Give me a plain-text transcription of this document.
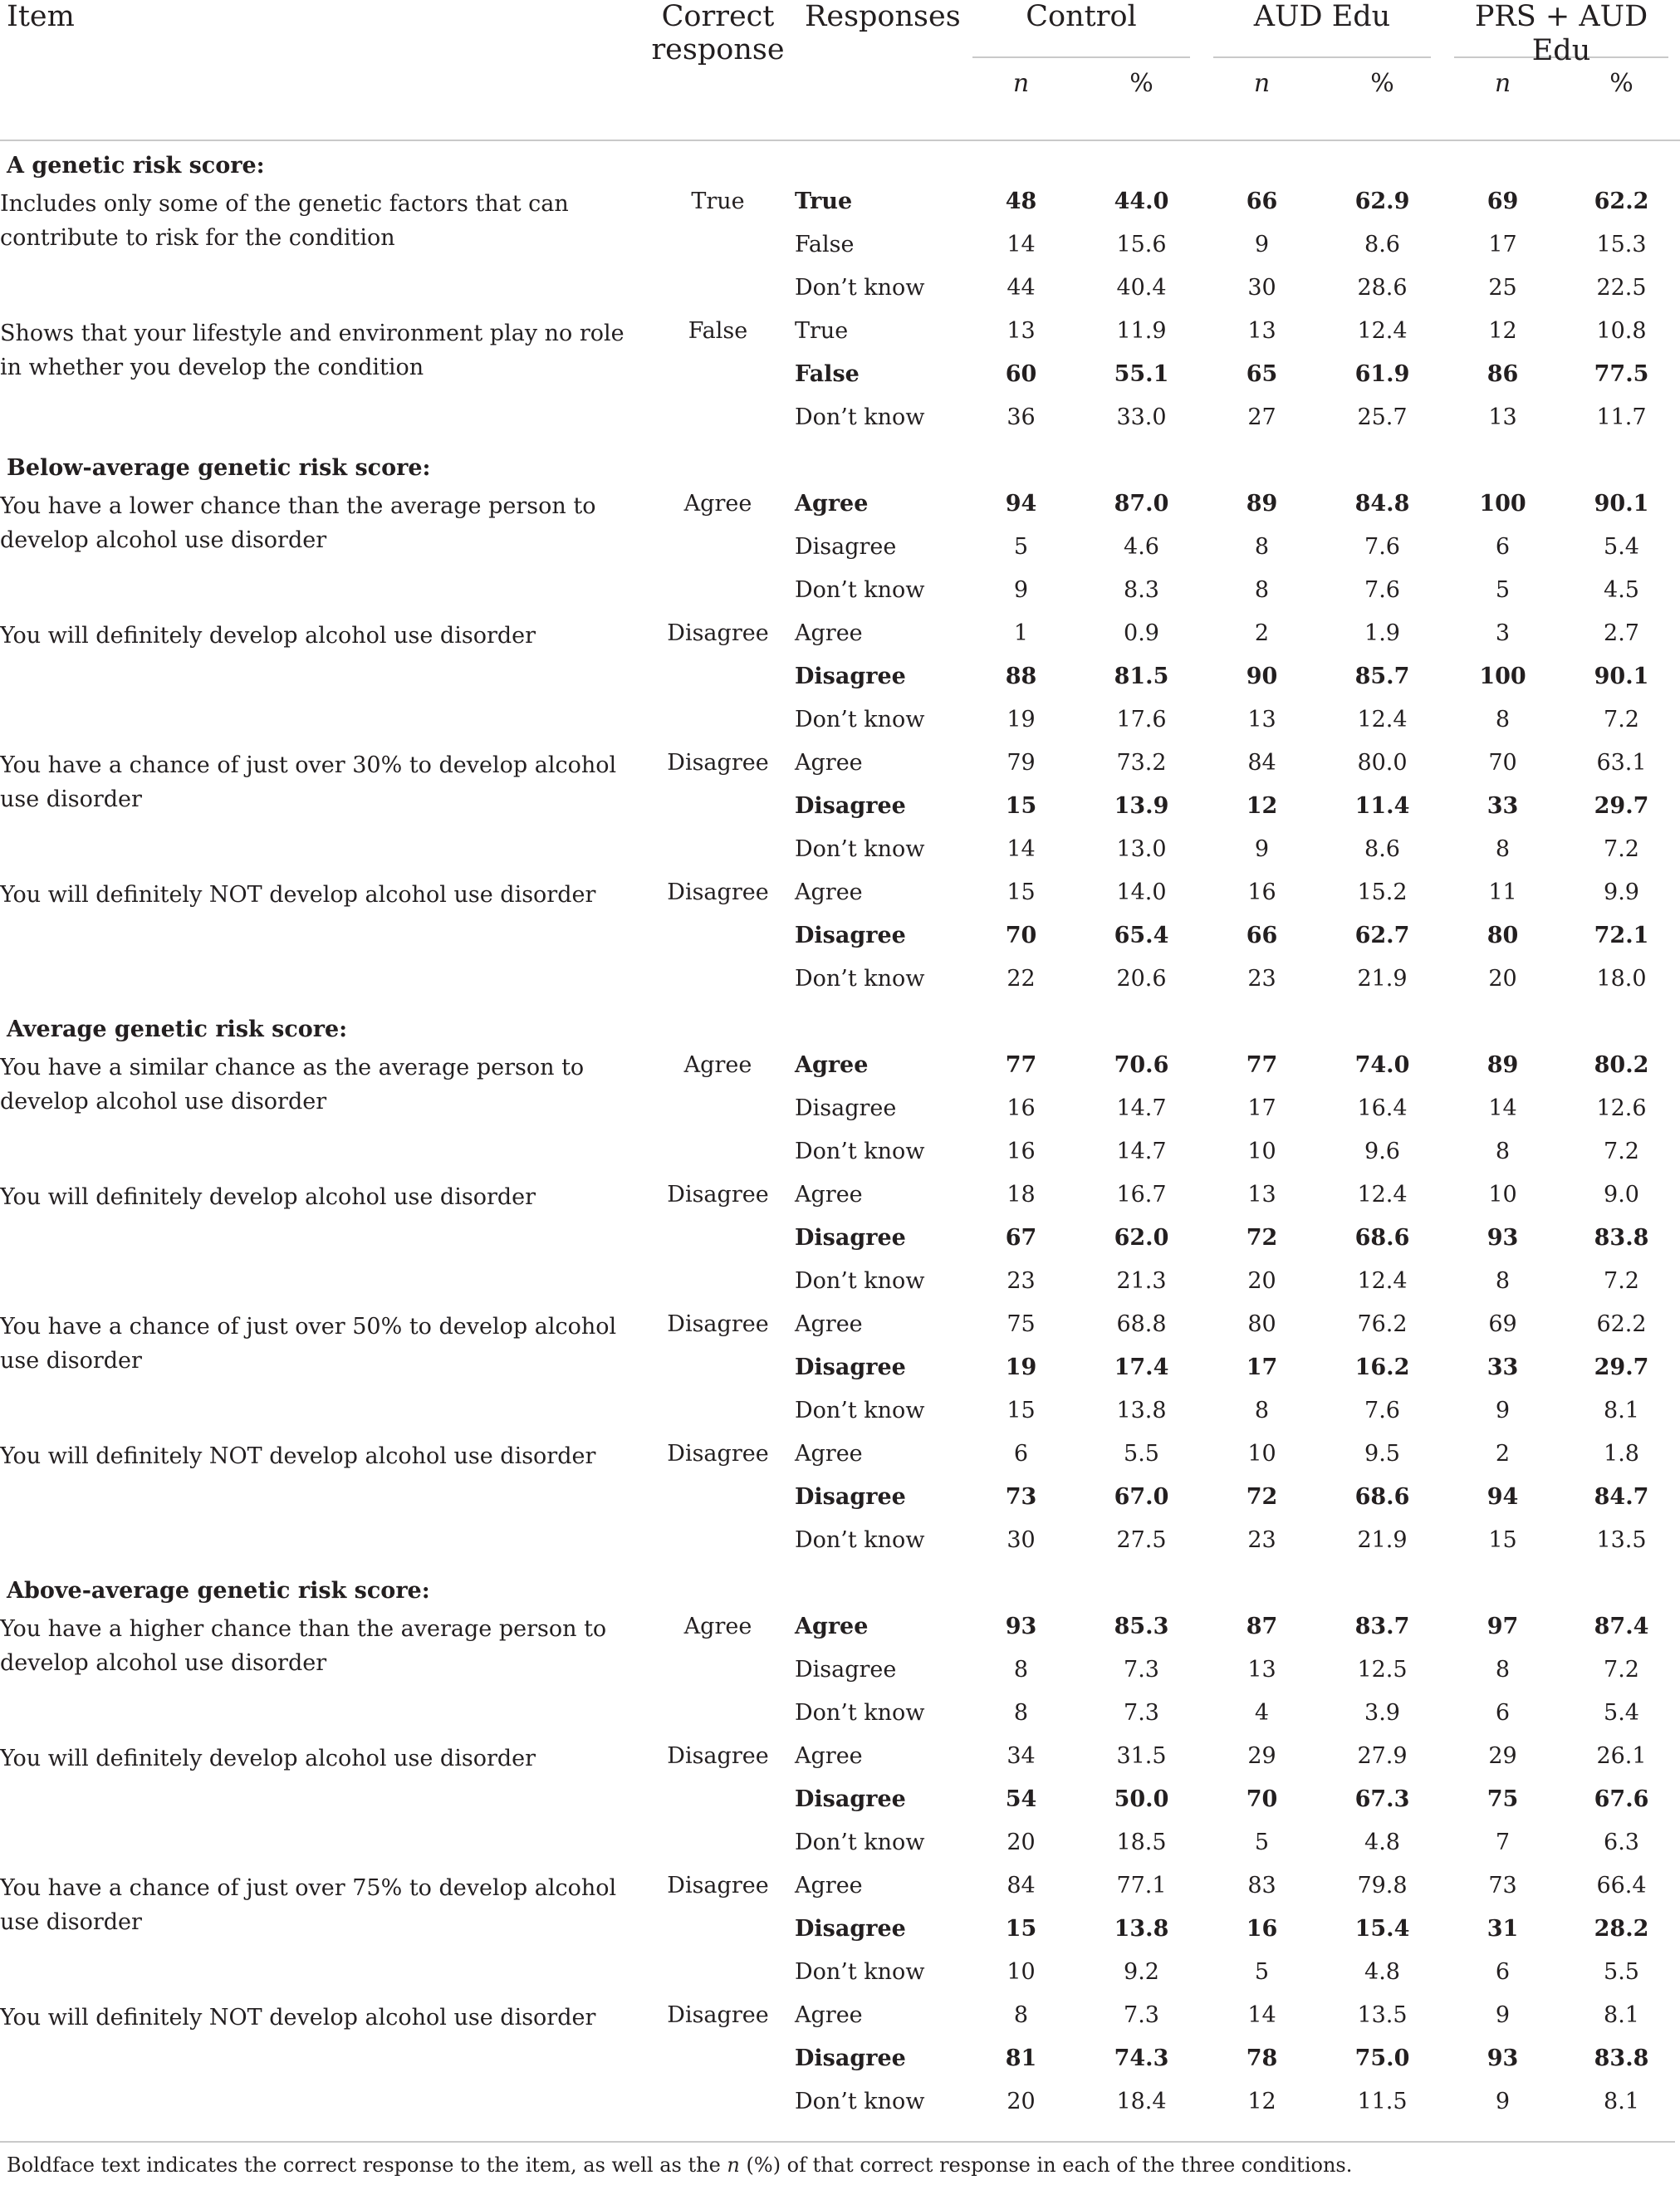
Item	Correct response	Responses	Control		AUD Edu		PRS + AUD Edu	

			n	%	n	%	n	%
A genetic risk score:								

Includes only some of the genetic factors that can contribute to risk for the condition	True	True	48	44.0	66	62.9	69	62.2
		False	14	15.6	9	8.6	17	15.3
		Don’t know	44	40.4	30	28.6	25	22.5

Shows that your lifestyle and environment play no role in whether you develop the condition	False	True	13	11.9	13	12.4	12	10.8
		False	60	55.1	65	61.9	86	77.5
		Don’t know	36	33.0	27	25.7	13	11.7
Below-average genetic risk score:								

You have a lower chance than the average person to develop alcohol use disorder	Agree	Agree	94	87.0	89	84.8	100	90.1
		Disagree	5	4.6	8	7.6	6	5.4
		Don’t know	9	8.3	8	7.6	5	4.5

You will definitely develop alcohol use disorder	Disagree	Agree	1	0.9	2	1.9	3	2.7
		Disagree	88	81.5	90	85.7	100	90.1
		Don’t know	19	17.6	13	12.4	8	7.2

You have a chance of just over 30% to develop alcohol use disorder	Disagree	Agree	79	73.2	84	80.0	70	63.1
		Disagree	15	13.9	12	11.4	33	29.7
		Don’t know	14	13.0	9	8.6	8	7.2

You will definitely NOT develop alcohol use disorder	Disagree	Agree	15	14.0	16	15.2	11	9.9
		Disagree	70	65.4	66	62.7	80	72.1
		Don’t know	22	20.6	23	21.9	20	18.0
Average genetic risk score:								

You have a similar chance as the average person to develop alcohol use disorder	Agree	Agree	77	70.6	77	74.0	89	80.2
		Disagree	16	14.7	17	16.4	14	12.6
		Don’t know	16	14.7	10	9.6	8	7.2

You will definitely develop alcohol use disorder	Disagree	Agree	18	16.7	13	12.4	10	9.0
		Disagree	67	62.0	72	68.6	93	83.8
		Don’t know	23	21.3	20	12.4	8	7.2

You have a chance of just over 50% to develop alcohol use disorder	Disagree	Agree	75	68.8	80	76.2	69	62.2
		Disagree	19	17.4	17	16.2	33	29.7
		Don’t know	15	13.8	8	7.6	9	8.1

You will definitely NOT develop alcohol use disorder	Disagree	Agree	6	5.5	10	9.5	2	1.8
		Disagree	73	67.0	72	68.6	94	84.7
		Don’t know	30	27.5	23	21.9	15	13.5
Above-average genetic risk score:								

You have a higher chance than the average person to develop alcohol use disorder	Agree	Agree	93	85.3	87	83.7	97	87.4
		Disagree	8	7.3	13	12.5	8	7.2
		Don’t know	8	7.3	4	3.9	6	5.4

You will definitely develop alcohol use disorder	Disagree	Agree	34	31.5	29	27.9	29	26.1
		Disagree	54	50.0	70	67.3	75	67.6
		Don’t know	20	18.5	5	4.8	7	6.3

You have a chance of just over 75% to develop alcohol use disorder	Disagree	Agree	84	77.1	83	79.8	73	66.4
		Disagree	15	13.8	16	15.4	31	28.2
		Don’t know	10	9.2	5	4.8	6	5.5

You will definitely NOT develop alcohol use disorder	Disagree	Agree	8	7.3	14	13.5	9	8.1
		Disagree	81	74.3	78	75.0	93	83.8
		Don’t know	20	18.4	12	11.5	9	8.1
Boldface text indicates the correct response to the item, as well as the n (%) of that correct response in each of the three conditions.
